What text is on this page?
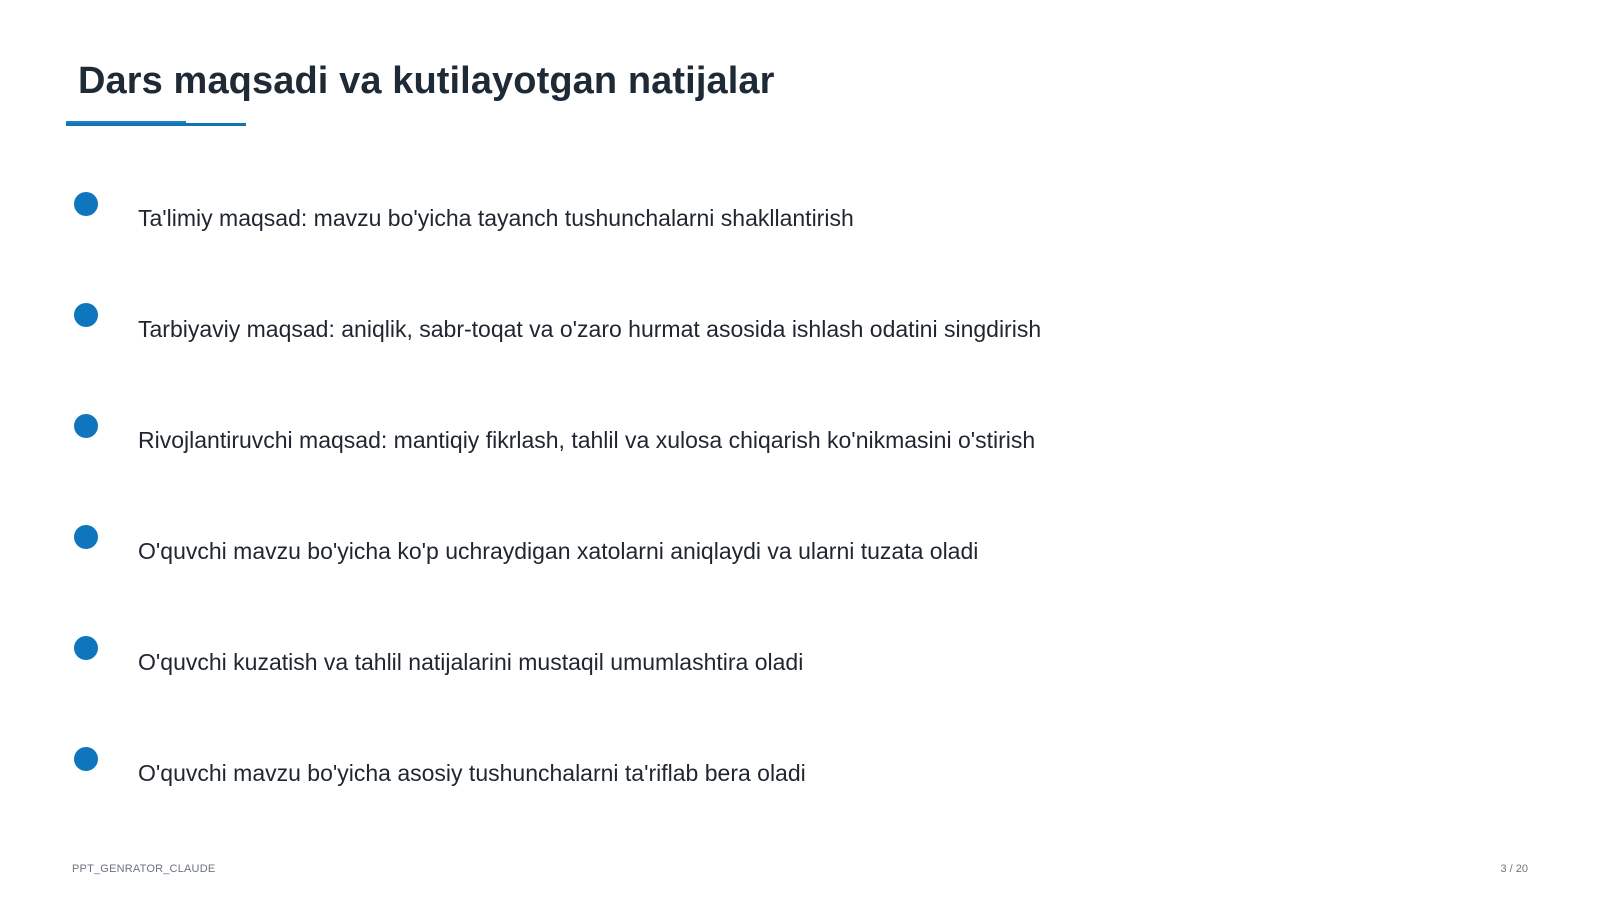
Dars maqsadi va kutilayotgan natijalar
Ta'limiy maqsad: mavzu bo'yicha tayanch tushunchalarni shakllantirish
Tarbiyaviy maqsad: aniqlik, sabr-toqat va o'zaro hurmat asosida ishlash odatini singdirish
Rivojlantiruvchi maqsad: mantiqiy fikrlash, tahlil va xulosa chiqarish ko'nikmasini o'stirish
O'quvchi mavzu bo'yicha ko'p uchraydigan xatolarni aniqlaydi va ularni tuzata oladi
O'quvchi kuzatish va tahlil natijalarini mustaqil umumlashtira oladi
O'quvchi mavzu bo'yicha asosiy tushunchalarni ta'riflab bera oladi
PPT_GENRATOR_CLAUDE	3 / 20
